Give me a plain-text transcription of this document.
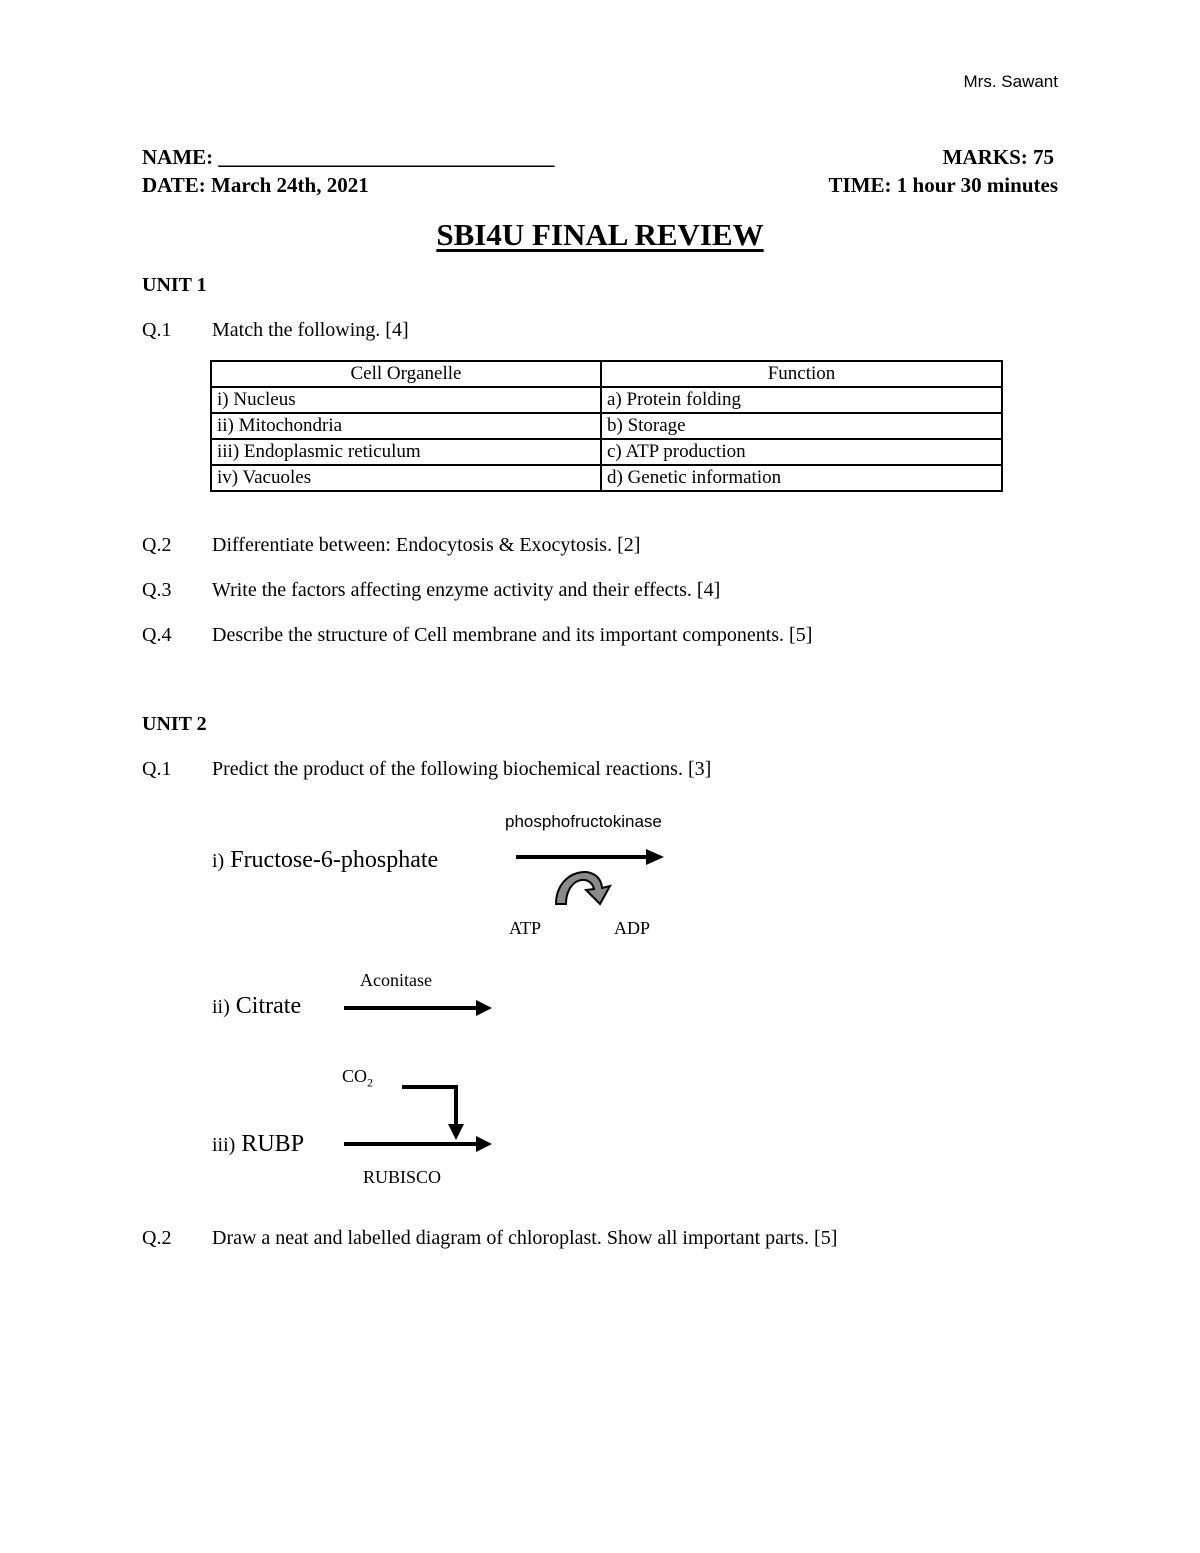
Mrs. Sawant
NAME: ________________________________	MARKS: 75
DATE: March 24th, 2021	TIME: 1 hour 30 minutes
SBI4U FINAL REVIEW
UNIT 1
Q.1 Match the following. [4]
Cell Organelle	Function
i) Nucleus	a) Protein folding
ii) Mitochondria	b) Storage
iii) Endoplasmic reticulum	c) ATP production
iv) Vacuoles	d) Genetic information
Q.2 Differentiate between: Endocytosis & Exocytosis. [2]
Q.3 Write the factors affecting enzyme activity and their effects. [4]
Q.4 Describe the structure of Cell membrane and its important components. [5]
UNIT 2
Q.1 Predict the product of the following biochemical reactions. [3]
phosphofructokinase
i) Fructose-6-phosphate
ATP	ADP
Aconitase
ii) Citrate
$CO_2$
iii) RUBP
RUBISCO
Q.2 Draw a neat and labelled diagram of chloroplast. Show all important parts. [5]
